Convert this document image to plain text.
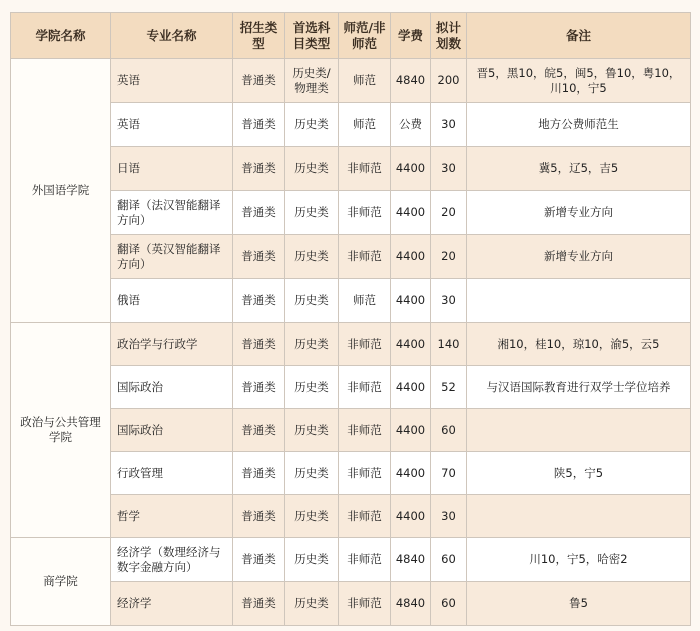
学院名称	专业名称	招生类型	首选科目类型	师范/非师范	学费	拟计划数	备注
外国语学院	英语	普通类	历史类/物理类	师范	4840	200	晋5，黑10，皖5，闽5，鲁10，粤10，川10，宁5
	英语	普通类	历史类	师范	公费	30	地方公费师范生
	日语	普通类	历史类	非师范	4400	30	冀5，辽5，吉5
	翻译（法汉智能翻译方向）	普通类	历史类	非师范	4400	20	新增专业方向
	翻译（英汉智能翻译方向）	普通类	历史类	非师范	4400	20	新增专业方向
	俄语	普通类	历史类	师范	4400	30	
政治与公共管理学院	政治学与行政学	普通类	历史类	非师范	4400	140	湘10，桂10，琼10，渝5，云5
	国际政治	普通类	历史类	非师范	4400	52	与汉语国际教育进行双学士学位培养
	国际政治	普通类	历史类	非师范	4400	60	
	行政管理	普通类	历史类	非师范	4400	70	陕5，宁5
	哲学	普通类	历史类	非师范	4400	30	
商学院	经济学（数理经济与数字金融方向）	普通类	历史类	非师范	4840	60	川10，宁5，哈密2
	经济学	普通类	历史类	非师范	4840	60	鲁5
